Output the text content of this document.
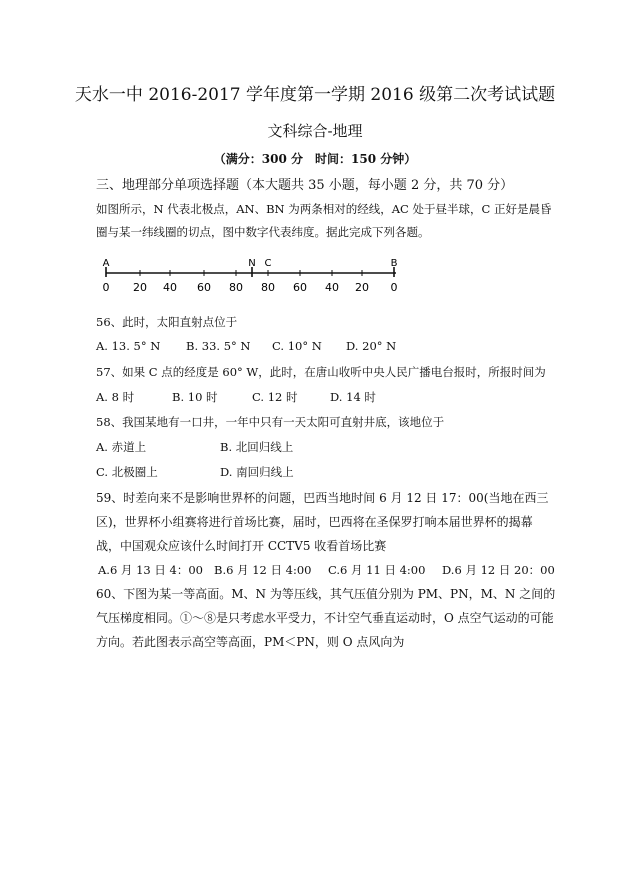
天水一中 2016-2017 学年度第一学期 2016 级第二次考试试题
文科综合-地理
（满分：300 分　时间：150 分钟）
三、地理部分单项选择题（本大题共 35 小题，每小题 2 分，共 70 分）
如图所示，N 代表北极点，AN、BN 为两条相对的经线，AC 处于昼半球，C 正好是晨昏圈与某一纬线圈的切点，图中数字代表纬度。据此完成下列各题。
A	N C	B
0 20 40 60 80 80 60 40 20 0
56、此时，太阳直射点位于
A. 13. 5° N B. 33. 5° N C. 10° N D. 20° N
57、如果 C 点的经度是 60° W，此时，在唐山收听中央人民广播电台报时，所报时间为
A. 8 时	B. 10 时	C. 12 时	D. 14 时
58、我国某地有一口井，一年中只有一天太阳可直射井底，该地位于
A. 赤道上	B. 北回归线上
C. 北极圈上	D. 南回归线上
59、时差向来不是影响世界杯的问题，巴西当地时间 6 月 12 日 17：00(当地在西三区)，世界杯小组赛将进行首场比赛，届时，巴西将在圣保罗打响本届世界杯的揭幕战，中国观众应该什么时间打开 CCTV5 收看首场比赛
A.6 月 13 日 4：00 B.6 月 12 日 4:00 C.6 月 11 日 4:00 D.6 月 12 日 20：00
60、下图为某一等高面。M、N 为等压线，其气压值分别为 PM、PN，M、N 之间的气压梯度相同。①～⑧是只考虑水平受力，不计空气垂直运动时，O 点空气运动的可能方向。若此图表示高空等高面，PM＜PN，则 O 点风向为
